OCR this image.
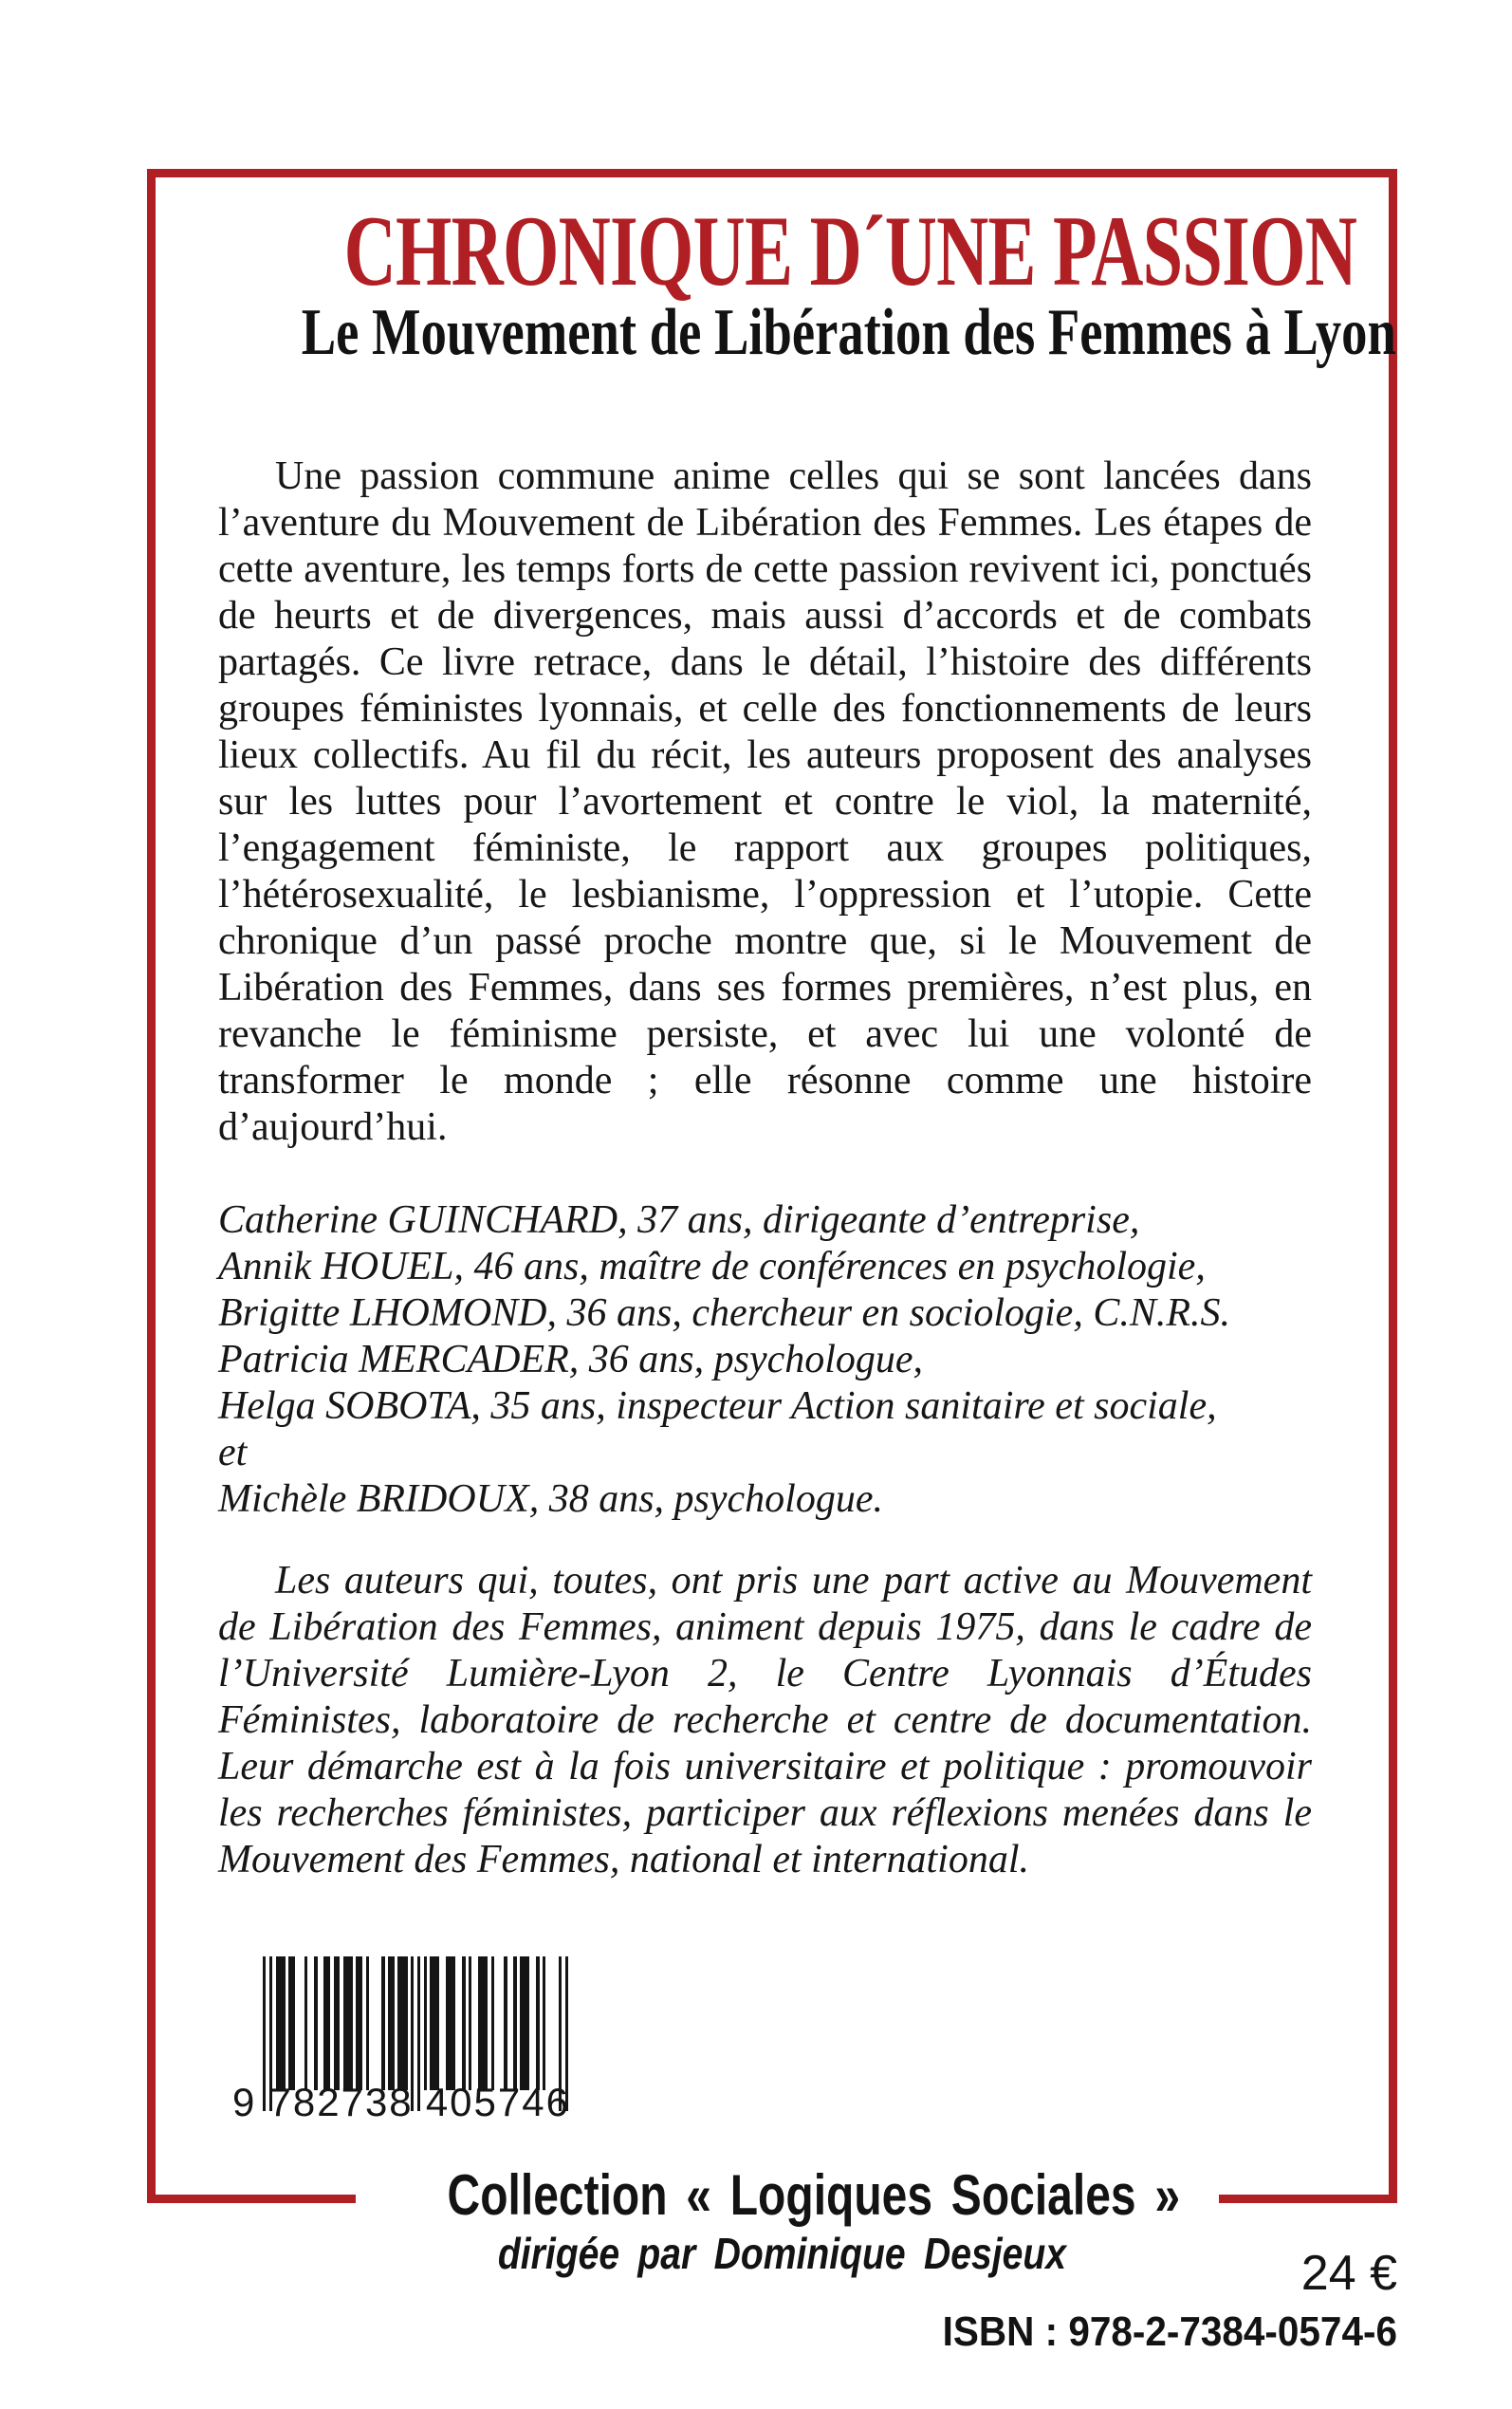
CHRONIQUE D´UNE PASSION
Le Mouvement de Libération des Femmes à Lyon

Une passion commune anime celles qui se sont lancées dans l’aventure du Mouvement de Libération des Femmes. Les étapes de cette aventure, les temps forts de cette passion revivent ici, ponctués de heurts et de divergences, mais aussi d’accords et de combats partagés. Ce livre retrace, dans le détail, l’histoire des différents groupes féministes lyonnais, et celle des fonctionnements de leurs lieux collectifs. Au fil du récit, les auteurs proposent des analyses sur les luttes pour l’avortement et contre le viol, la maternité, l’engagement féministe, le rapport aux groupes politiques, l’hétérosexualité, le lesbianisme, l’oppression et l’utopie. Cette chronique d’un passé proche montre que, si le Mouvement de Libération des Femmes, dans ses formes premières, n’est plus, en revanche le féminisme persiste, et avec lui une volonté de transformer le monde ; elle résonne comme une histoire d’aujourd’hui.

Catherine GUINCHARD, 37 ans, dirigeante d’entreprise,
Annik HOUEL, 46 ans, maître de conférences en psychologie,
Brigitte LHOMOND, 36 ans, chercheur en sociologie, C.N.R.S.
Patricia MERCADER, 36 ans, psychologue,
Helga SOBOTA, 35 ans, inspecteur Action sanitaire et sociale,
et
Michèle BRIDOUX, 38 ans, psychologue.

Les auteurs qui, toutes, ont pris une part active au Mouvement de Libération des Femmes, animent depuis 1975, dans le cadre de l’Université Lumière-Lyon 2, le Centre Lyonnais d’Études Féministes, laboratoire de recherche et centre de documentation. Leur démarche est à la fois universitaire et politique : promouvoir les recherches féministes, participer aux réflexions menées dans le Mouvement des Femmes, national et international.

9 782738 405746
Collection « Logiques Sociales »
dirigée par Dominique Desjeux	24 €
ISBN : 978-2-7384-0574-6
